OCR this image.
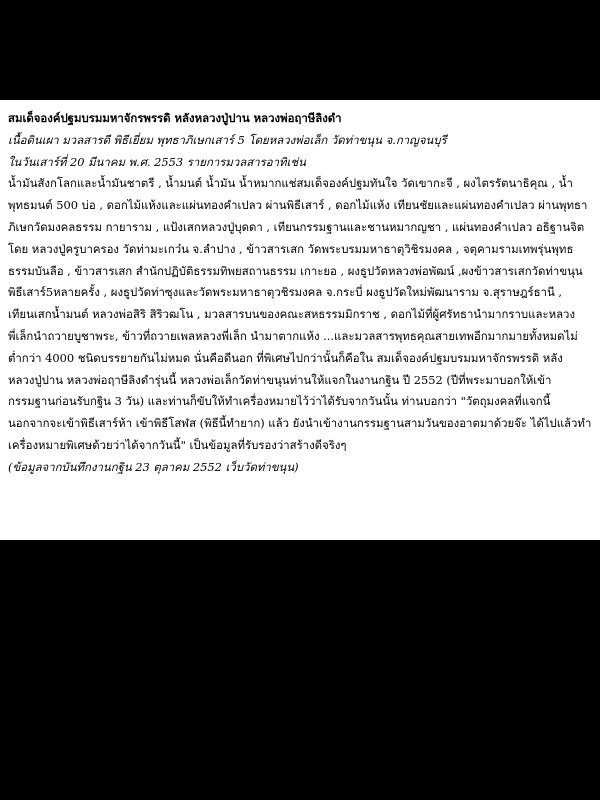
สมเด็จองค์ปฐมบรมมหาจักรพรรดิ หลังหลวงปู่ปาน หลวงพ่อฤาษีลิงดำ
เนื้อดินเผา มวลสารดี พิธีเยี่ยม พุทธาภิเษกเสาร์ 5 โดยหลวงพ่อเล็ก วัดท่าขนุน จ.กาญจนบุรี
ในวันเสาร์ที่ 20 มีนาคม พ.ศ. 2553 รายการมวลสารอาทิเช่น
น้ำมันสังกโลกและน้ำมันชาตรี , น้ำมนต์ น้ำมัน น้ำหมากแช่สมเด็จองค์ปฐมทันใจ วัดเขากะจี , ผงไตรรัตนาธิคุณ , น้ำ
พุทธมนต์ 500 บ่อ , ดอกไม้แห้งและแผ่นทองคำเปลว ผ่านพิธีเสาร์ , ดอกไม้แห้ง เทียนชัยและแผ่นทองคำเปลว ผ่านพุทธา
ภิเษกวัดมงคลธรรม กายาราม , แป้งเสกหลวงปู่บุดดา , เทียนกรรมฐานและชานหมากญชา , แผ่นทองคำเปลว อธิฐานจิต
โดย หลวงปู่ครูบาครอง วัดท่ามะเกว๋น จ.ลำปาง , ข้าวสารเสก วัดพระบรมมหาธาตุวิชิรมงคล , จตุคามรามเทพรุ่นพุทธ
ธรรมบันลือ , ข้าวสารเสก สำนักปฏิบัติธรรมทิพยสถานธรรม เกาะยอ , ผงธูปวัดหลวงพ่อพัฒน์ ,ผงข้าวสารเสกวัดท่าขนุน
พิธีเสาร์5หลายครั้ง , ผงธูปวัดท่าซุงและวัดพระมหาธาตุวชิรมงคล จ.กระบี่ ผงธูปวัดใหม่พัฒนาราม จ.สุราษฎร์ธานี ,
เทียนเสกน้ำมนต์ หลวงพ่อสิริ สิริวฒโน , มวลสารบนของคณะสหธรรมมิกราช , ดอกไม้ที่ผู้ศรัทธานำมากราบและหลวง
พี่เล็กนำถวายบูชาพระ, ข้าวที่ถวายเพลหลวงพี่เล็ก นำมาตากแห้ง ...และมวลสารพุทธคุณสายเทพอีกมากมายทั้งหมดไม่
ต่ำกว่า 4000 ชนิดบรรยายกันไม่หมด นั่นคือดีนอก ที่พิเศษไปกว่านั้นก็คือใน สมเด็จองค์ปฐมบรมมหาจักรพรรดิ หลัง
หลวงปู่ปาน หลวงพ่อฤาษีลิงดำรุ่นนี้ หลวงพ่อเล็กวัดท่าขนุนท่านให้แจกในงานกฐิน ปี 2552 (ปีที่พระมาบอกให้เข้า
กรรมฐานก่อนรับกฐิน 3 วัน) และท่านก็ขับให้ทำเครื่องหมายไว้ว่าได้รับจากวันนั้น ท่านบอกว่า "วัตถุมงคลที่แจกนี้
นอกจากจะเข้าพิธีเสาร์ห้า เข้าพิธีโสฬส (พิธีนี้ทำยาก) แล้ว ยังนำเข้างานกรรมฐานสามวันของอาตมาด้วยจ๊ะ ได้ไปแล้วทำ
เครื่องหมายพิเศษด้วยว่าได้จากวันนี้" เป็นข้อมูลที่รับรองว่าสร้างดีจริงๆ
(ข้อมูลจากบันทึกงานกฐิน 23 ตุลาคม 2552 เว็บวัดท่าขนุน)
